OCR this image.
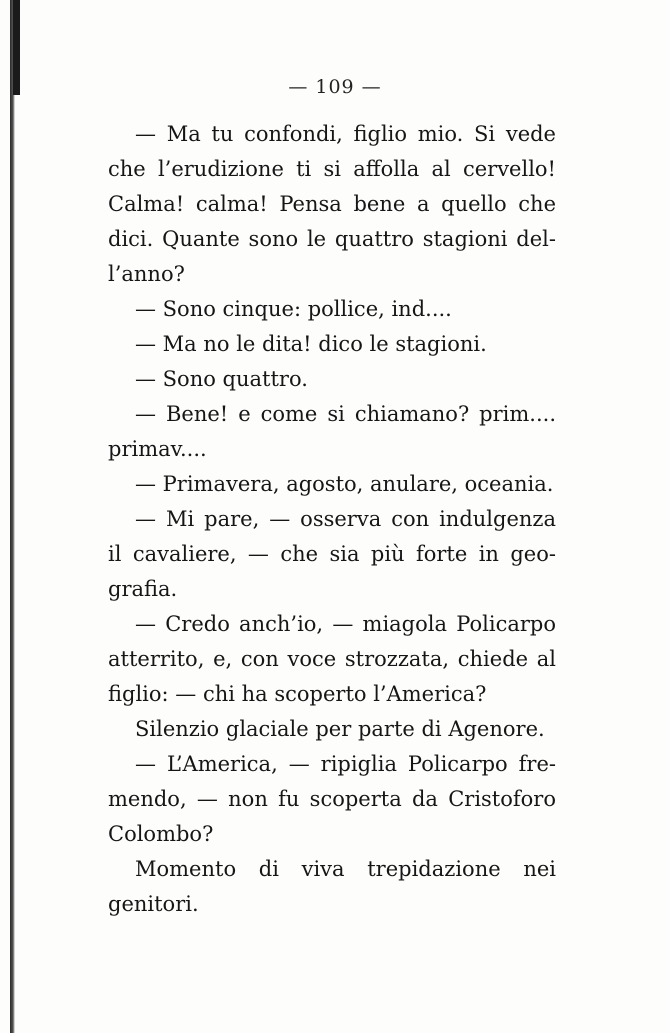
— 109 —

— Ma tu confondi, figlio mio. Si vede che l’erudizione ti si affolla al cervello! Calma! calma! Pensa bene a quello che dici. Quante sono le quattro stagioni dell’anno?

— Sono cinque: pollice, ind....

— Ma no le dita! dico le stagioni.

— Sono quattro.

— Bene! e come si chiamano? prim.... primav....

— Primavera, agosto, anulare, oceania.

— Mi pare, — osserva con indulgenza il cavaliere, — che sia più forte in geografia.

— Credo anch’io, — miagola Policarpo atterrito, e, con voce strozzata, chiede al figlio: — chi ha scoperto l’America?

Silenzio glaciale per parte di Agenore.

— L’America, — ripiglia Policarpo fremendo, — non fu scoperta da Cristoforo Colombo?

Momento di viva trepidazione nei genitori.
